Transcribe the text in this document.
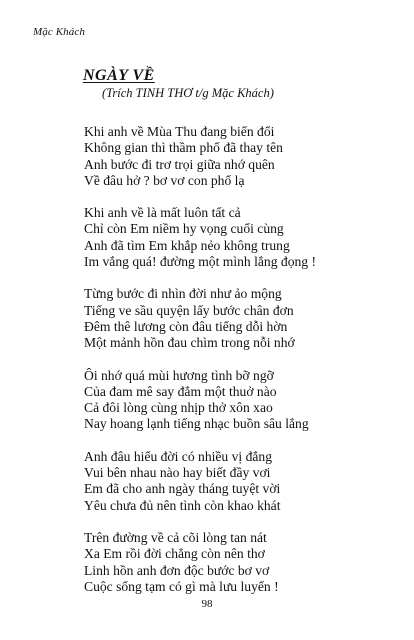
Mặc Khách
NGÀY VỀ
(Trích TINH THƠ t/g Mặc Khách)
Khi anh về Mùa Thu đang biến đổi
Không gian thì thầm phố đã thay tên
Anh bước đi trơ trọi giữa nhớ quên
Về đâu hở ? bơ vơ con phố lạ
Khi anh về là mất luôn tất cả
Chỉ còn Em niềm hy vọng cuối cùng
Anh đã tìm Em khắp nẻo không trung
Im vắng quá! đường một mình lắng đọng !
Từng bước đi nhìn đời như ảo mộng
Tiếng ve sầu quyện lấy bước chân đơn
Đêm thê lương còn đâu tiếng dỗi hờn
Một mảnh hồn đau chìm trong nỗi nhớ
Ôi nhớ quá mùi hương tình bỡ ngỡ
Của đam mê say đắm một thuở nào
Cả đôi lòng cùng nhịp thở xôn xao
Nay hoang lạnh tiếng nhạc buồn sâu lắng
Anh đâu hiểu đời có nhiều vị đắng
Vui bên nhau nào hay biết đầy vơi
Em đã cho anh ngày tháng tuyệt vời
Yêu chưa đủ nên tình còn khao khát
Trên đường về cả cõi lòng tan nát
Xa Em rồi đời chẳng còn nên thơ
Linh hồn anh đơn độc bước bơ vơ
Cuộc sống tạm có gì mà lưu luyến !
98
